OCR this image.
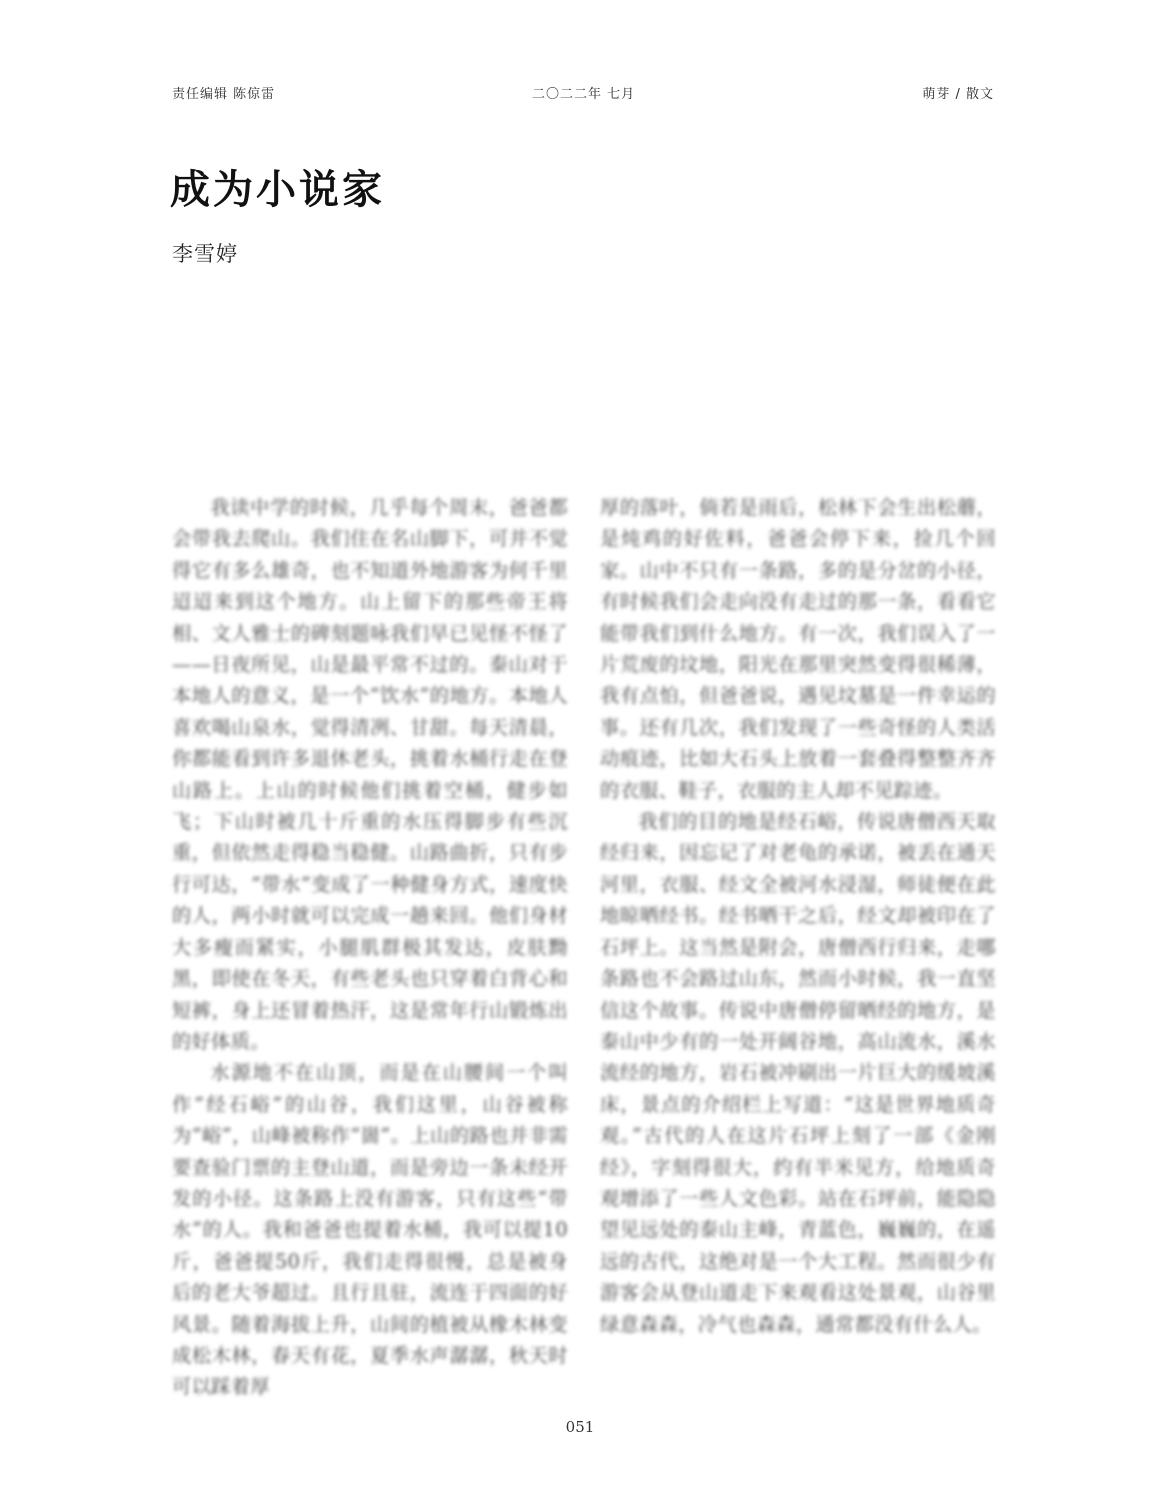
责任编辑 陈倞雷	二〇二二年 七月	萌芽 / 散文
成为小说家
李雪婷

我读中学的时候，几乎每个周末，爸爸都会带我去爬山。我们住在名山脚下，可并不觉得它有多么雄奇，也不知道外地游客为何千里迢迢来到这个地方。山上留下的那些帝王将相、文人雅士的碑刻题咏我们早已见怪不怪了——日夜所见，山是最平常不过的。泰山对于本地人的意义，是一个“饮水”的地方。本地人喜欢喝山泉水，觉得清冽、甘甜。每天清晨，你都能看到许多退休老头，挑着水桶行走在登山路上。上山的时候他们挑着空桶，健步如飞；下山时被几十斤重的水压得脚步有些沉重，但依然走得稳当稳健。山路曲折，只有步行可达，“带水”变成了一种健身方式，速度快的人，两小时就可以完成一趟来回。他们身材大多瘦而紧实，小腿肌群极其发达，皮肤黝黑，即使在冬天，有些老头也只穿着白背心和短裤，身上还冒着热汗，这是常年行山锻炼出的好体质。

水源地不在山顶，而是在山腰间一个叫作“经石峪”的山谷，我们这里，山谷被称为“峪”，山峰被称作“崮”。上山的路也并非需要查验门票的主登山道，而是旁边一条未经开发的小径。这条路上没有游客，只有这些“带水”的人。我和爸爸也提着水桶，我可以提10斤，爸爸提50斤，我们走得很慢，总是被身后的老大爷超过。且行且驻，流连于四面的好风景。随着海拔上升，山间的植被从橡木林变成松木林，春天有花，夏季水声潺潺，秋天时可以踩着厚

厚的落叶，倘若是雨后，松林下会生出松蘑，是炖鸡的好佐料，爸爸会停下来，捡几个回家。山中不只有一条路，多的是分岔的小径，有时候我们会走向没有走过的那一条，看看它能带我们到什么地方。有一次，我们误入了一片荒废的坟地，阳光在那里突然变得很稀薄，我有点怕，但爸爸说，遇见坟墓是一件幸运的事。还有几次，我们发现了一些奇怪的人类活动痕迹，比如大石头上放着一套叠得整整齐齐的衣服、鞋子，衣服的主人却不见踪迹。

我们的目的地是经石峪，传说唐僧西天取经归来，因忘记了对老龟的承诺，被丢在通天河里，衣服、经文全被河水浸湿，师徒便在此地晾晒经书。经书晒干之后，经文却被印在了石坪上。这当然是附会，唐僧西行归来，走哪条路也不会路过山东，然而小时候，我一直坚信这个故事。传说中唐僧停留晒经的地方，是泰山中少有的一处开阔谷地，高山流水，溪水流经的地方，岩石被冲刷出一片巨大的缓坡溪床，景点的介绍栏上写道：“这是世界地质奇观。”古代的人在这片石坪上刻了一部《金刚经》，字刻得很大，约有半米见方，给地质奇观增添了一些人文色彩。站在石坪前，能隐隐望见远处的泰山主峰，青蓝色，巍巍的，在遥远的古代，这绝对是一个大工程。然而很少有游客会从登山道走下来观看这处景观，山谷里绿意森森，冷气也森森，通常都没有什么人。

051
